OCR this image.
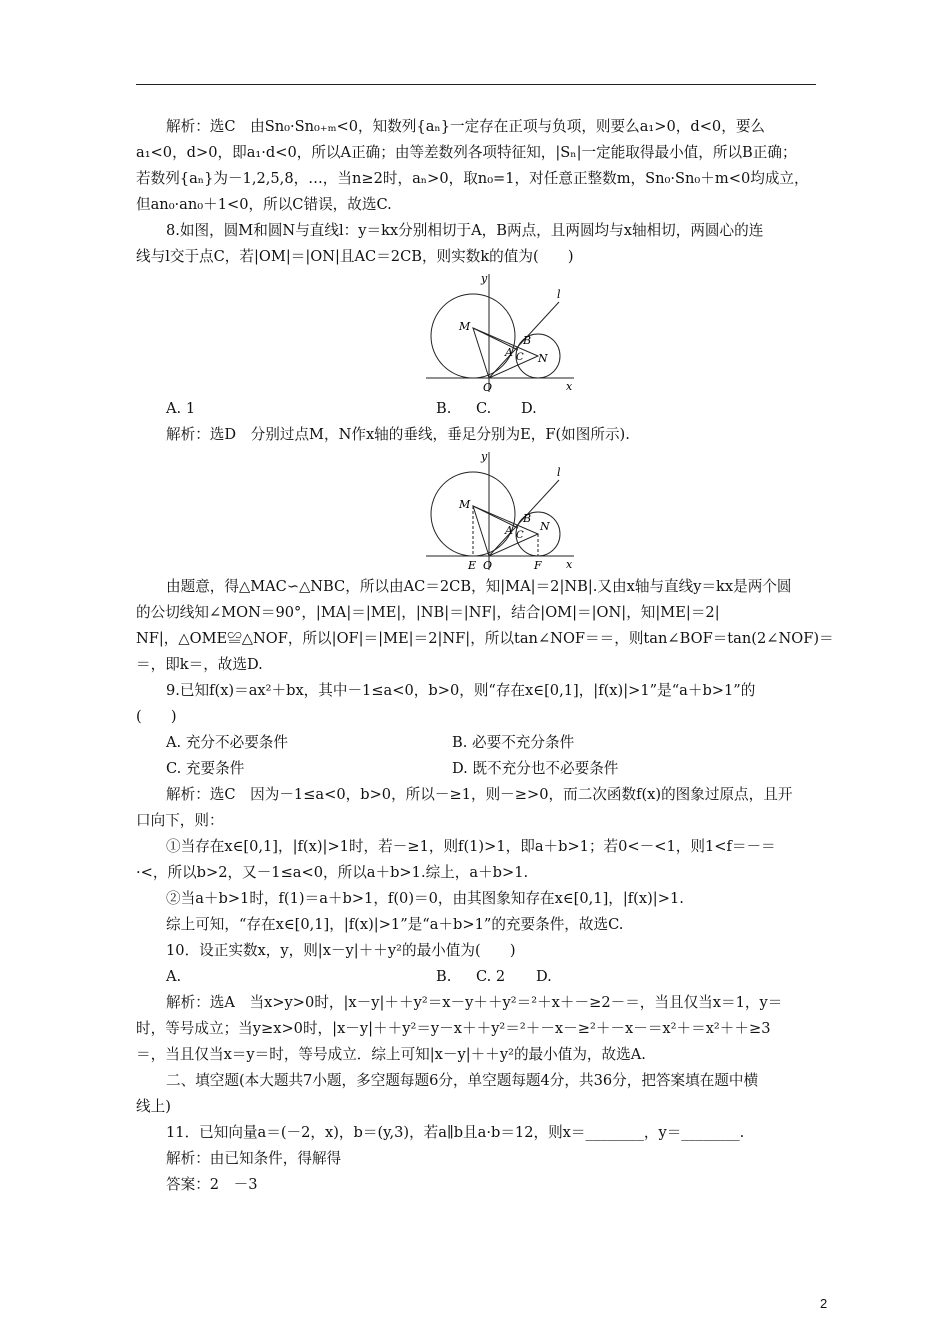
解析：选C　由Sn₀·Sn₀₊ₘ<0，知数列{aₙ}一定存在正项与负项，则要么a₁>0，d<0，要么

a₁<0，d>0，即a₁·d<0，所以A正确；由等差数列各项特征知，|Sₙ|一定能取得最小值，所以B正确；

若数列{aₙ}为－1,2,5,8，…，当n≥2时，aₙ>0，取n₀=1，对任意正整数m，Sn₀·Sn₀＋m<0均成立，

但an₀·an₀＋1<0，所以C错误，故选C.

8.如图，圆M和圆N与直线l：y＝kx分别相切于A，B两点，且两圆均与x轴相切，两圆心的连

线与l交于点C，若|OM|＝|ON|且AC＝2CB，则实数k的值为(　　)

y
x
l
M
N
A
B
C
O
A. 1	B. C. D.

解析：选D　分别过点M，N作x轴的垂线，垂足分别为E，F(如图所示).

y
x
l
M
N
A
B
C
E O	F

由题意，得△MAC∽△NBC，所以由AC＝2CB，知|MA|＝2|NB|.又由x轴与直线y＝kx是两个圆

的公切线知∠MON＝90°，|MA|＝|ME|，|NB|＝|NF|，结合|OM|＝|ON|，知|ME|＝2|

NF|，△OME≌△NOF，所以|OF|＝|ME|＝2|NF|，所以tan∠NOF＝＝，则tan∠BOF＝tan(2∠NOF)＝

＝，即k＝，故选D.

9.已知f(x)＝ax²＋bx，其中－1≤a<0，b>0，则“存在x∈[0,1]，|f(x)|>1”是“a＋b>1”的

(　　)

A. 充分不必要条件	B. 必要不充分条件
C. 充要条件	D. 既不充分也不必要条件

解析：选C　因为－1≤a<0，b>0，所以－≥1，则－≥>0，而二次函数f(x)的图象过原点，且开

口向下，则：

①当存在x∈[0,1]，|f(x)|>1时，若－≥1，则f(1)>1，即a＋b>1；若0<－<1，则1<f＝－＝

·<，所以b>2，又－1≤a<0，所以a＋b>1.综上，a＋b>1.

②当a＋b>1时，f(1)＝a＋b>1，f(0)＝0，由其图象知存在x∈[0,1]，|f(x)|>1.

综上可知，“存在x∈[0,1]，|f(x)|>1”是“a＋b>1”的充要条件，故选C.

10．设正实数x，y，则|x－y|＋＋y²的最小值为(　　)

A.	B. C. 2 D.

解析：选A　当x>y>0时，|x－y|＋＋y²＝x－y＋＋y²＝²＋x＋－≥2－＝，当且仅当x＝1，y＝

时，等号成立；当y≥x>0时，|x－y|＋＋y²＝y－x＋＋y²＝²＋－x－≥²＋－x－＝x²＋＝x²＋＋≥3

＝，当且仅当x＝y＝时，等号成立．综上可知|x－y|＋＋y²的最小值为，故选A.

二、填空题(本大题共7小题，多空题每题6分，单空题每题4分，共36分，把答案填在题中横

线上)

11．已知向量a＝(－2，x)，b＝(y,3)，若a∥b且a·b＝12，则x＝________，y＝________.

解析：由已知条件，得解得

答案：2　－3

2
